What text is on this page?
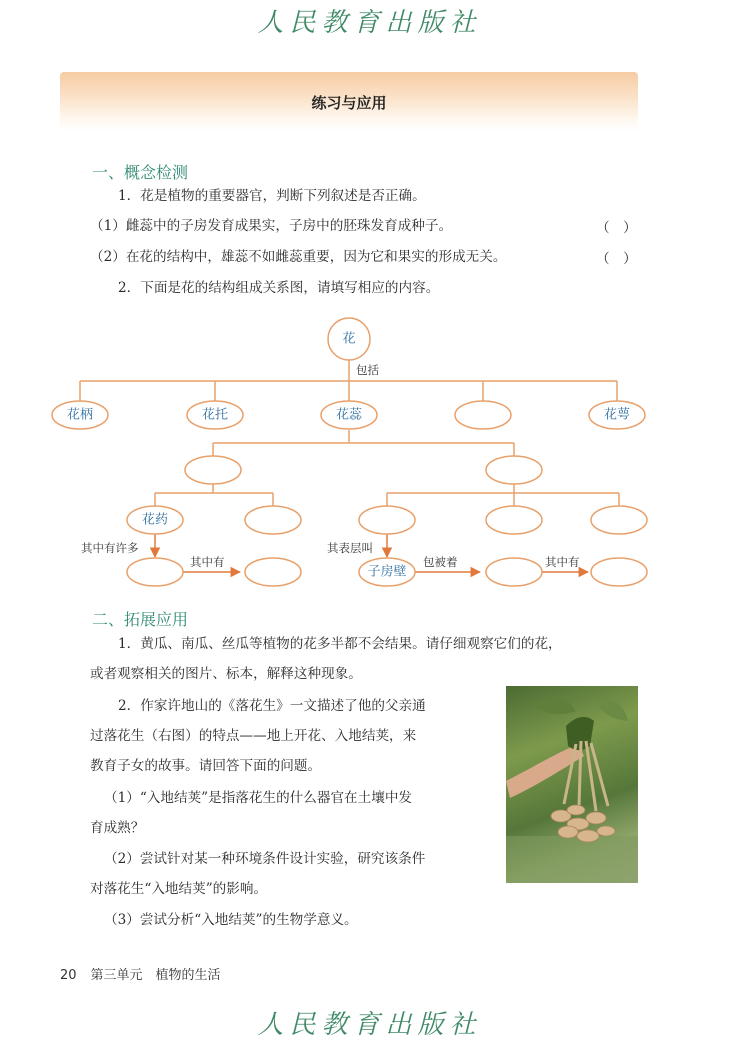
人民教育出版社
练习与应用
一、概念检测
1．花是植物的重要器官，判断下列叙述是否正确。
（1）雌蕊中的子房发育成果实，子房中的胚珠发育成种子。	（　）
（2）在花的结构中，雄蕊不如雌蕊重要，因为它和果实的形成无关。	（　）
2．下面是花的结构组成关系图，请填写相应的内容。
花
花柄	花托	花蕊	花萼
花药
子房壁
包括
其中有许多
其中有
其表层叫
包被着	其中有
二、拓展应用
1．黄瓜、南瓜、丝瓜等植物的花多半都不会结果。请仔细观察它们的花，
或者观察相关的图片、标本，解释这种现象。
2．作家许地山的《落花生》一文描述了他的父亲通
过落花生（右图）的特点——地上开花、入地结荚，来
教育子女的故事。请回答下面的问题。
（1）“入地结荚”是指落花生的什么器官在土壤中发
育成熟？
（2）尝试针对某一种环境条件设计实验，研究该条件
对落花生“入地结荚”的影响。
（3）尝试分析“入地结荚”的生物学意义。
20 第三单元　植物的生活
人民教育出版社
